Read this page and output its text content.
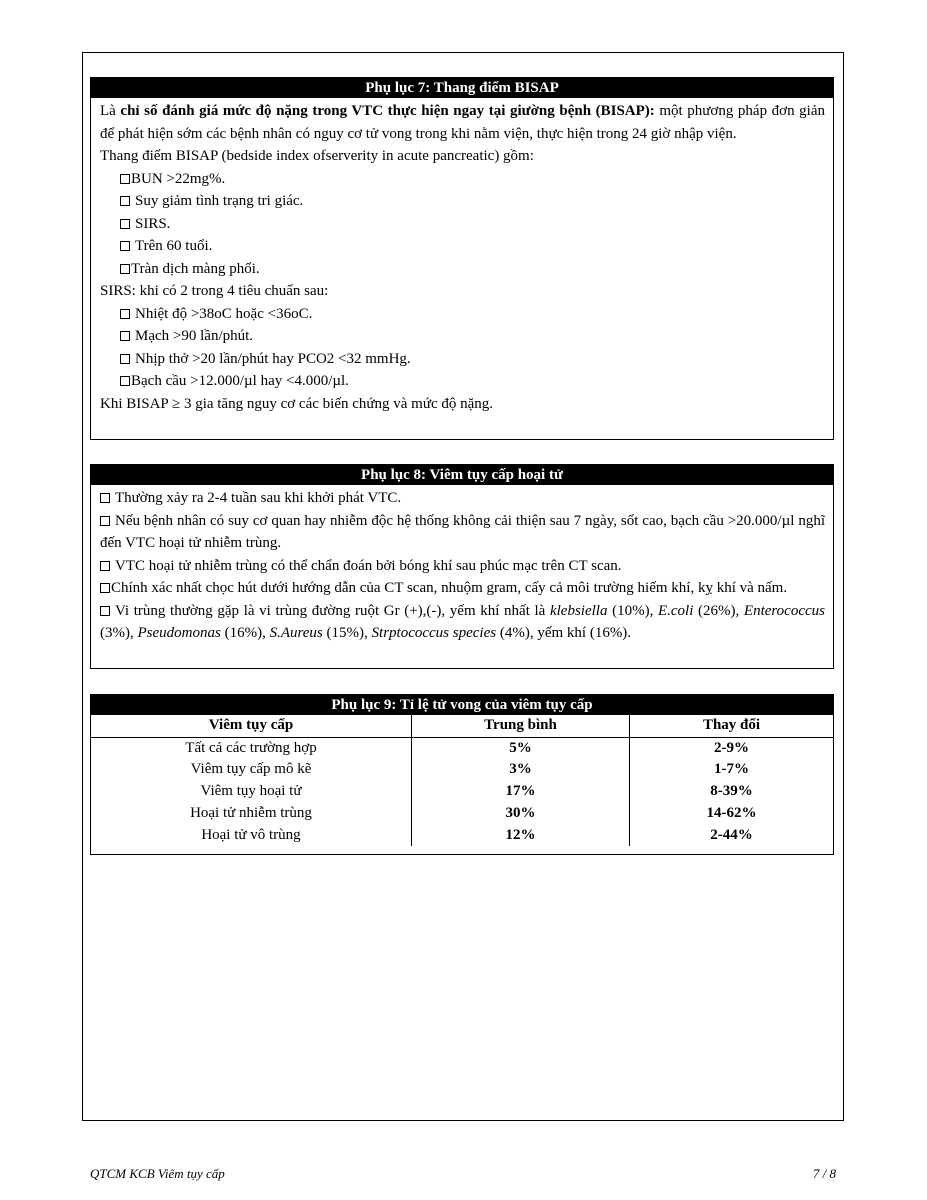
Phụ lục 7: Thang điểm BISAP

Là chỉ số đánh giá mức độ nặng trong VTC thực hiện ngay tại giường bệnh (BISAP): một phương pháp đơn giản để phát hiện sớm các bệnh nhân có nguy cơ tử vong trong khi nằm viện, thực hiện trong 24 giờ nhập viện.

Thang điểm BISAP (bedside index ofserverity in acute pancreatic) gồm:

BUN >22mg%.
Suy giảm tình trạng tri giác.
SIRS.
Trên 60 tuổi.
Tràn dịch màng phổi.

SIRS: khi có 2 trong 4 tiêu chuẩn sau:

Nhiệt độ >38oC hoặc <36oC.
Mạch >90 lần/phút.
Nhịp thở >20 lần/phút hay PCO2 <32 mmHg.
Bạch cầu >12.000/µl hay <4.000/µl.

Khi BISAP ≥ 3 gia tăng nguy cơ các biến chứng và mức độ nặng.

Phụ lục 8: Viêm tụy cấp hoại tử

Thường xảy ra 2-4 tuần sau khi khởi phát VTC.

Nếu bệnh nhân có suy cơ quan hay nhiễm độc hệ thống không cải thiện sau 7 ngày, sốt cao, bạch cầu >20.000/µl nghĩ đến VTC hoại tử nhiễm trùng.

VTC hoại tử nhiễm trùng có thể chẩn đoán bởi bóng khí sau phúc mạc trên CT scan.

Chính xác nhất chọc hút dưới hướng dẫn của CT scan, nhuộm gram, cấy cả môi trường hiếm khí, kỵ khí và nấm.

Vi trùng thường gặp là vi trùng đường ruột Gr (+),(-), yếm khí nhất là klebsiella (10%), E.coli (26%), Enterococcus (3%), Pseudomonas (16%), S.Aureus (15%), Strptococcus species (4%), yếm khí (16%).

Phụ lục 9: Tỉ lệ tử vong của viêm tụy cấp
Viêm tụy cấp	Trung bình	Thay đổi
Tất cả các trường hợp	5%	2-9%
Viêm tụy cấp mô kẽ	3%	1-7%
Viêm tụy hoại tử	17%	8-39%
Hoại tử nhiễm trùng	30%	14-62%
Hoại tử vô trùng	12%	2-44%
QTCM KCB Viêm tụy cấp	7 / 8
